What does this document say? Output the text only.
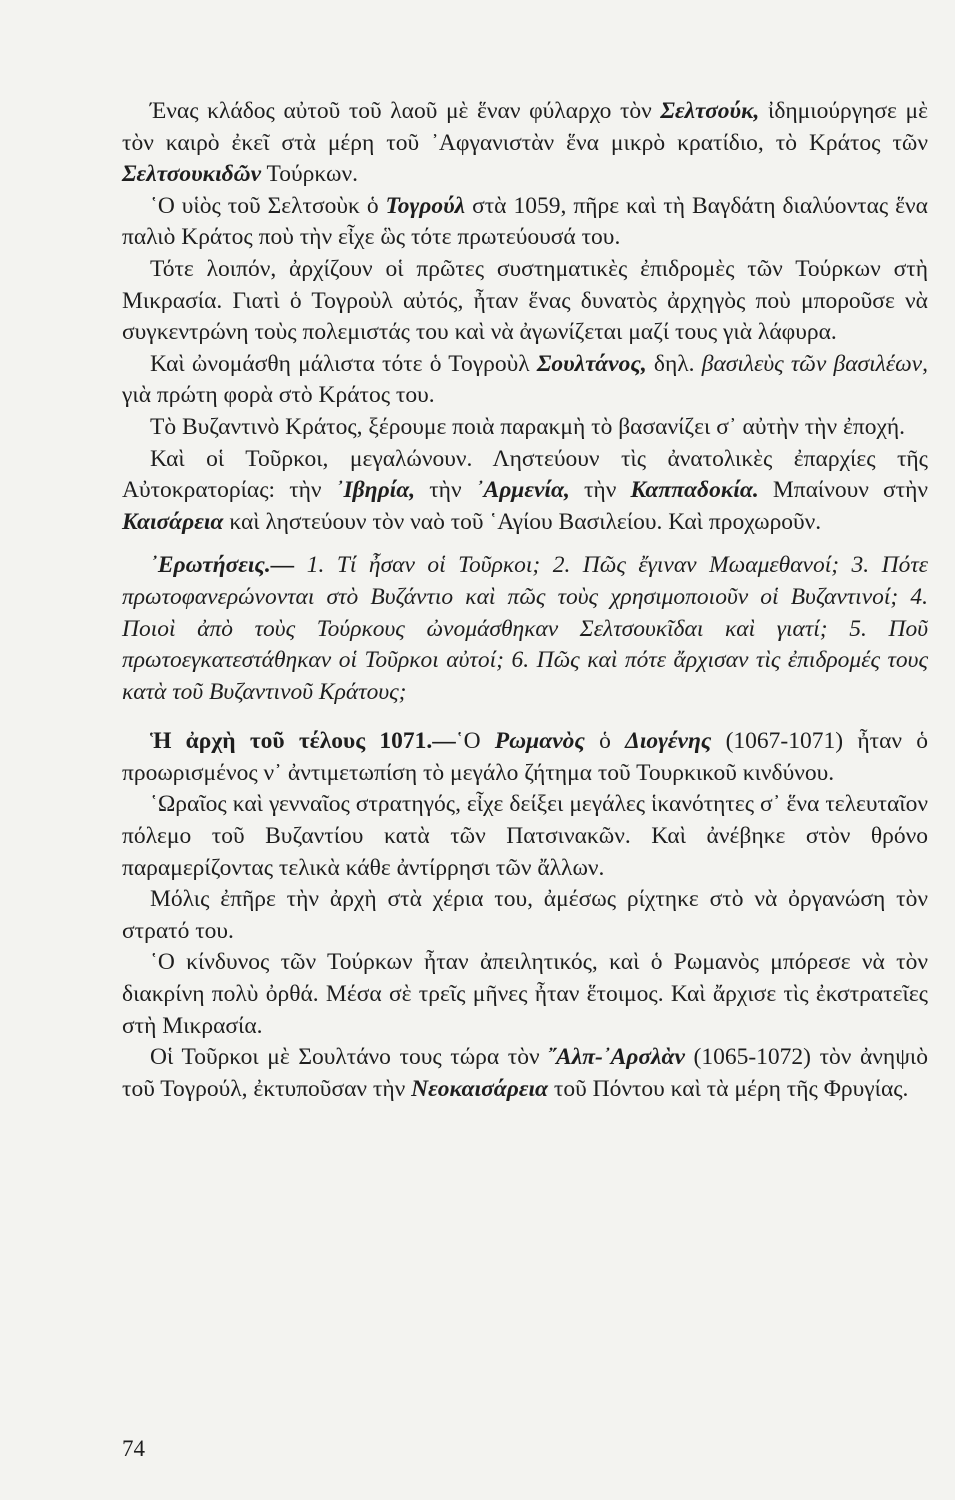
Ένας κλάδος αὐτοῦ τοῦ λαοῦ μὲ ἕναν φύλαρχο τὸν Σελτσούκ, ἰδημιούργησε μὲ τὸν καιρὸ ἐκεῖ στὰ μέρη τοῦ ᾽Αφγανιστὰν ἕνα μικρὸ κρατίδιο, τὸ Κράτος τῶν Σελτσουκιδῶν Τούρκων.

῾Ο υἱὸς τοῦ Σελτσοὺκ ὁ Τογρούλ στὰ 1059, πῆρε καὶ τὴ Βαγδάτη διαλύοντας ἕνα παλιὸ Κράτος ποὺ τὴν εἶχε ὣς τότε πρωτεύουσά του.

Τότε λοιπόν, ἀρχίζουν οἱ πρῶτες συστηματικὲς ἐπιδρομὲς τῶν Τούρκων στὴ Μικρασία. Γιατὶ ὁ Τογροὺλ αὐτός, ἦταν ἕνας δυνατὸς ἀρχηγὸς ποὺ μποροῦσε νὰ συγκεντρώνη τοὺς πολεμιστάς του καὶ νὰ ἀγωνίζεται μαζί τους γιὰ λάφυρα.

Καὶ ὠνομάσθη μάλιστα τότε ὁ Τογροὺλ Σουλτάνος, δηλ. βασιλεὺς τῶν βασιλέων, γιὰ πρώτη φορὰ στὸ Κράτος του.

Τὸ Βυζαντινὸ Κράτος, ξέρουμε ποιὰ παρακμὴ τὸ βασανίζει σ᾽ αὐτὴν τὴν ἐποχή.

Καὶ οἱ Τοῦρκοι, μεγαλώνουν. Ληστεύουν τὶς ἀνατολικὲς ἐπαρχίες τῆς Αὐτοκρατορίας: τὴν ᾽Ιβηρία, τὴν ᾽Αρμενία, τὴν Καππαδοκία. Μπαίνουν στὴν Καισάρεια καὶ ληστεύουν τὸν ναὸ τοῦ ῾Αγίου Βασιλείου. Καὶ προχωροῦν.

᾽Ερωτήσεις.— 1. Τί ἦσαν οἱ Τοῦρκοι; 2. Πῶς ἔγιναν Μωαμεθανοί; 3. Πότε πρωτοφανερώνονται στὸ Βυζάντιο καὶ πῶς τοὺς χρησιμοποιοῦν οἱ Βυζαντινοί; 4. Ποιοὶ ἀπὸ τοὺς Τούρκους ὠνομάσθηκαν Σελτσουκῖδαι καὶ γιατί; 5. Ποῦ πρωτοεγκατεστάθηκαν οἱ Τοῦρκοι αὐτοί; 6. Πῶς καὶ πότε ἄρχισαν τὶς ἐπιδρομές τους κατὰ τοῦ Βυζαντινοῦ Κράτους;

Ἡ ἀρχὴ τοῦ τέλους 1071.—῾Ο Ρωμανὸς ὁ Διογένης (1067-1071) ἦταν ὁ προωρισμένος ν᾽ ἀντιμετωπίση τὸ μεγάλο ζήτημα τοῦ Τουρκικοῦ κινδύνου.

῾Ωραῖος καὶ γενναῖος στρατηγός, εἶχε δείξει μεγάλες ἱκανότητες σ᾽ ἕνα τελευταῖον πόλεμο τοῦ Βυζαντίου κατὰ τῶν Πατσινακῶν. Καὶ ἀνέβηκε στὸν θρόνο παραμερίζοντας τελικὰ κάθε ἀντίρρησι τῶν ἄλλων.

Μόλις ἐπῆρε τὴν ἀρχὴ στὰ χέρια του, ἀμέσως ρίχτηκε στὸ νὰ ὀργανώση τὸν στρατό του.

῾Ο κίνδυνος τῶν Τούρκων ἦταν ἀπειλητικός, καὶ ὁ Ρωμανὸς μπόρεσε νὰ τὸν διακρίνη πολὺ ὀρθά. Μέσα σὲ τρεῖς μῆνες ἦταν ἕτοιμος. Καὶ ἄρχισε τὶς ἐκστρατεῖες στὴ Μικρασία.

Οἱ Τοῦρκοι μὲ Σουλτάνο τους τώρα τὸν ῎Αλπ-᾽Αρσλὰν (1065-1072) τὸν ἀνηψιὸ τοῦ Τογρούλ, ἐκτυποῦσαν τὴν Νεοκαισάρεια τοῦ Πόντου καὶ τὰ μέρη τῆς Φρυγίας.

74
